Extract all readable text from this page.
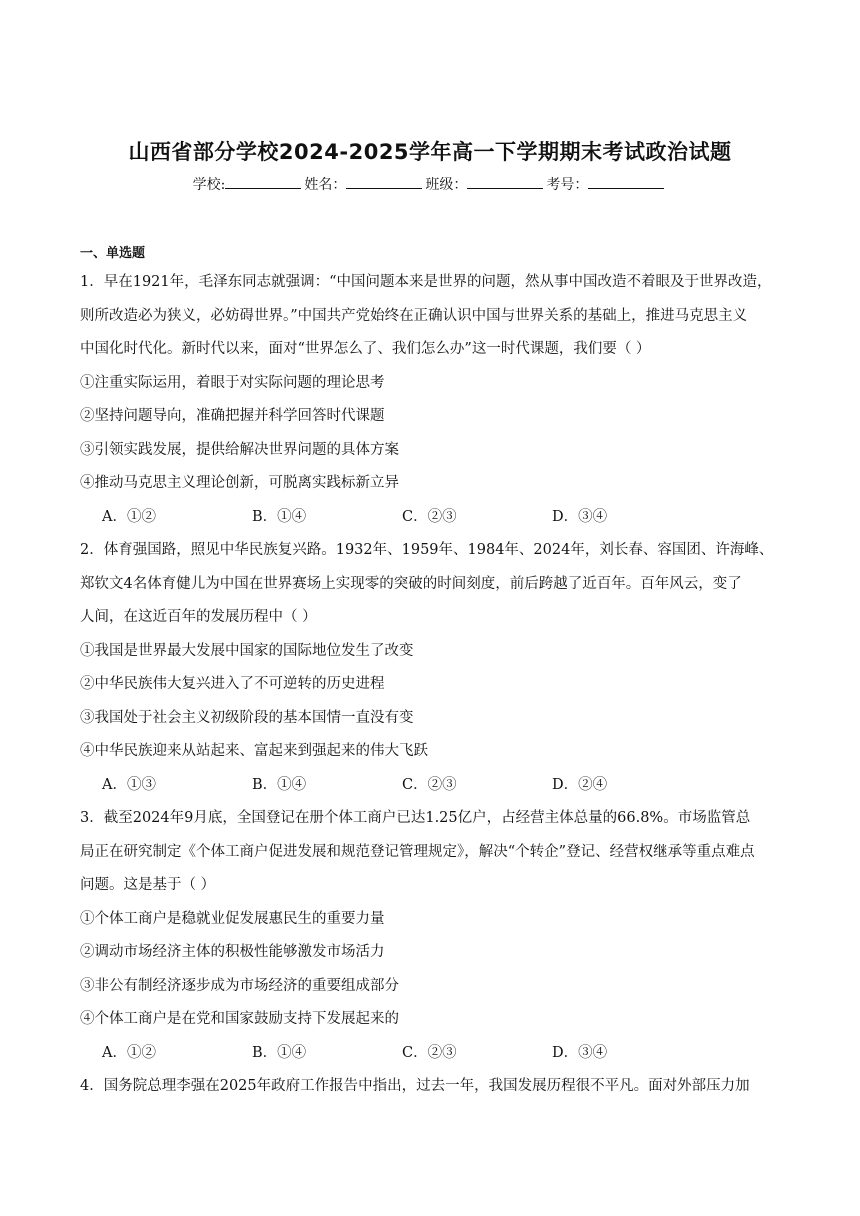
山西省部分学校2024-2025学年高一下学期期末考试政治试题
学校:	姓名：	班级：	考号：
一、单选题
1．早在1921年，毛泽东同志就强调：“中国问题本来是世界的问题，然从事中国改造不着眼及于世界改造，
则所改造必为狭义，必妨碍世界。”中国共产党始终在正确认识中国与世界关系的基础上，推进马克思主义
中国化时代化。新时代以来，面对“世界怎么了、我们怎么办”这一时代课题，我们要（ ）
①注重实际运用，着眼于对实际问题的理论思考
②坚持问题导向，准确把握并科学回答时代课题
③引领实践发展，提供给解决世界问题的具体方案
④推动马克思主义理论创新，可脱离实践标新立异
A．①②	B．①④	C．②③	D．③④
2．体育强国路，照见中华民族复兴路。1932年、1959年、1984年、2024年，刘长春、容国团、许海峰、
郑钦文4名体育健儿为中国在世界赛场上实现零的突破的时间刻度，前后跨越了近百年。百年风云，变了
人间，在这近百年的发展历程中（ ）
①我国是世界最大发展中国家的国际地位发生了改变
②中华民族伟大复兴进入了不可逆转的历史进程
③我国处于社会主义初级阶段的基本国情一直没有变
④中华民族迎来从站起来、富起来到强起来的伟大飞跃
A．①③	B．①④	C．②③	D．②④
3．截至2024年9月底，全国登记在册个体工商户已达1.25亿户，占经营主体总量的66.8%。市场监管总
局正在研究制定《个体工商户促进发展和规范登记管理规定》，解决“个转企”登记、经营权继承等重点难点
问题。这是基于（ ）
①个体工商户是稳就业促发展惠民生的重要力量
②调动市场经济主体的积极性能够激发市场活力
③非公有制经济逐步成为市场经济的重要组成部分
④个体工商户是在党和国家鼓励支持下发展起来的
A．①②	B．①④	C．②③	D．③④
4．国务院总理李强在2025年政府工作报告中指出，过去一年，我国发展历程很不平凡。面对外部压力加
